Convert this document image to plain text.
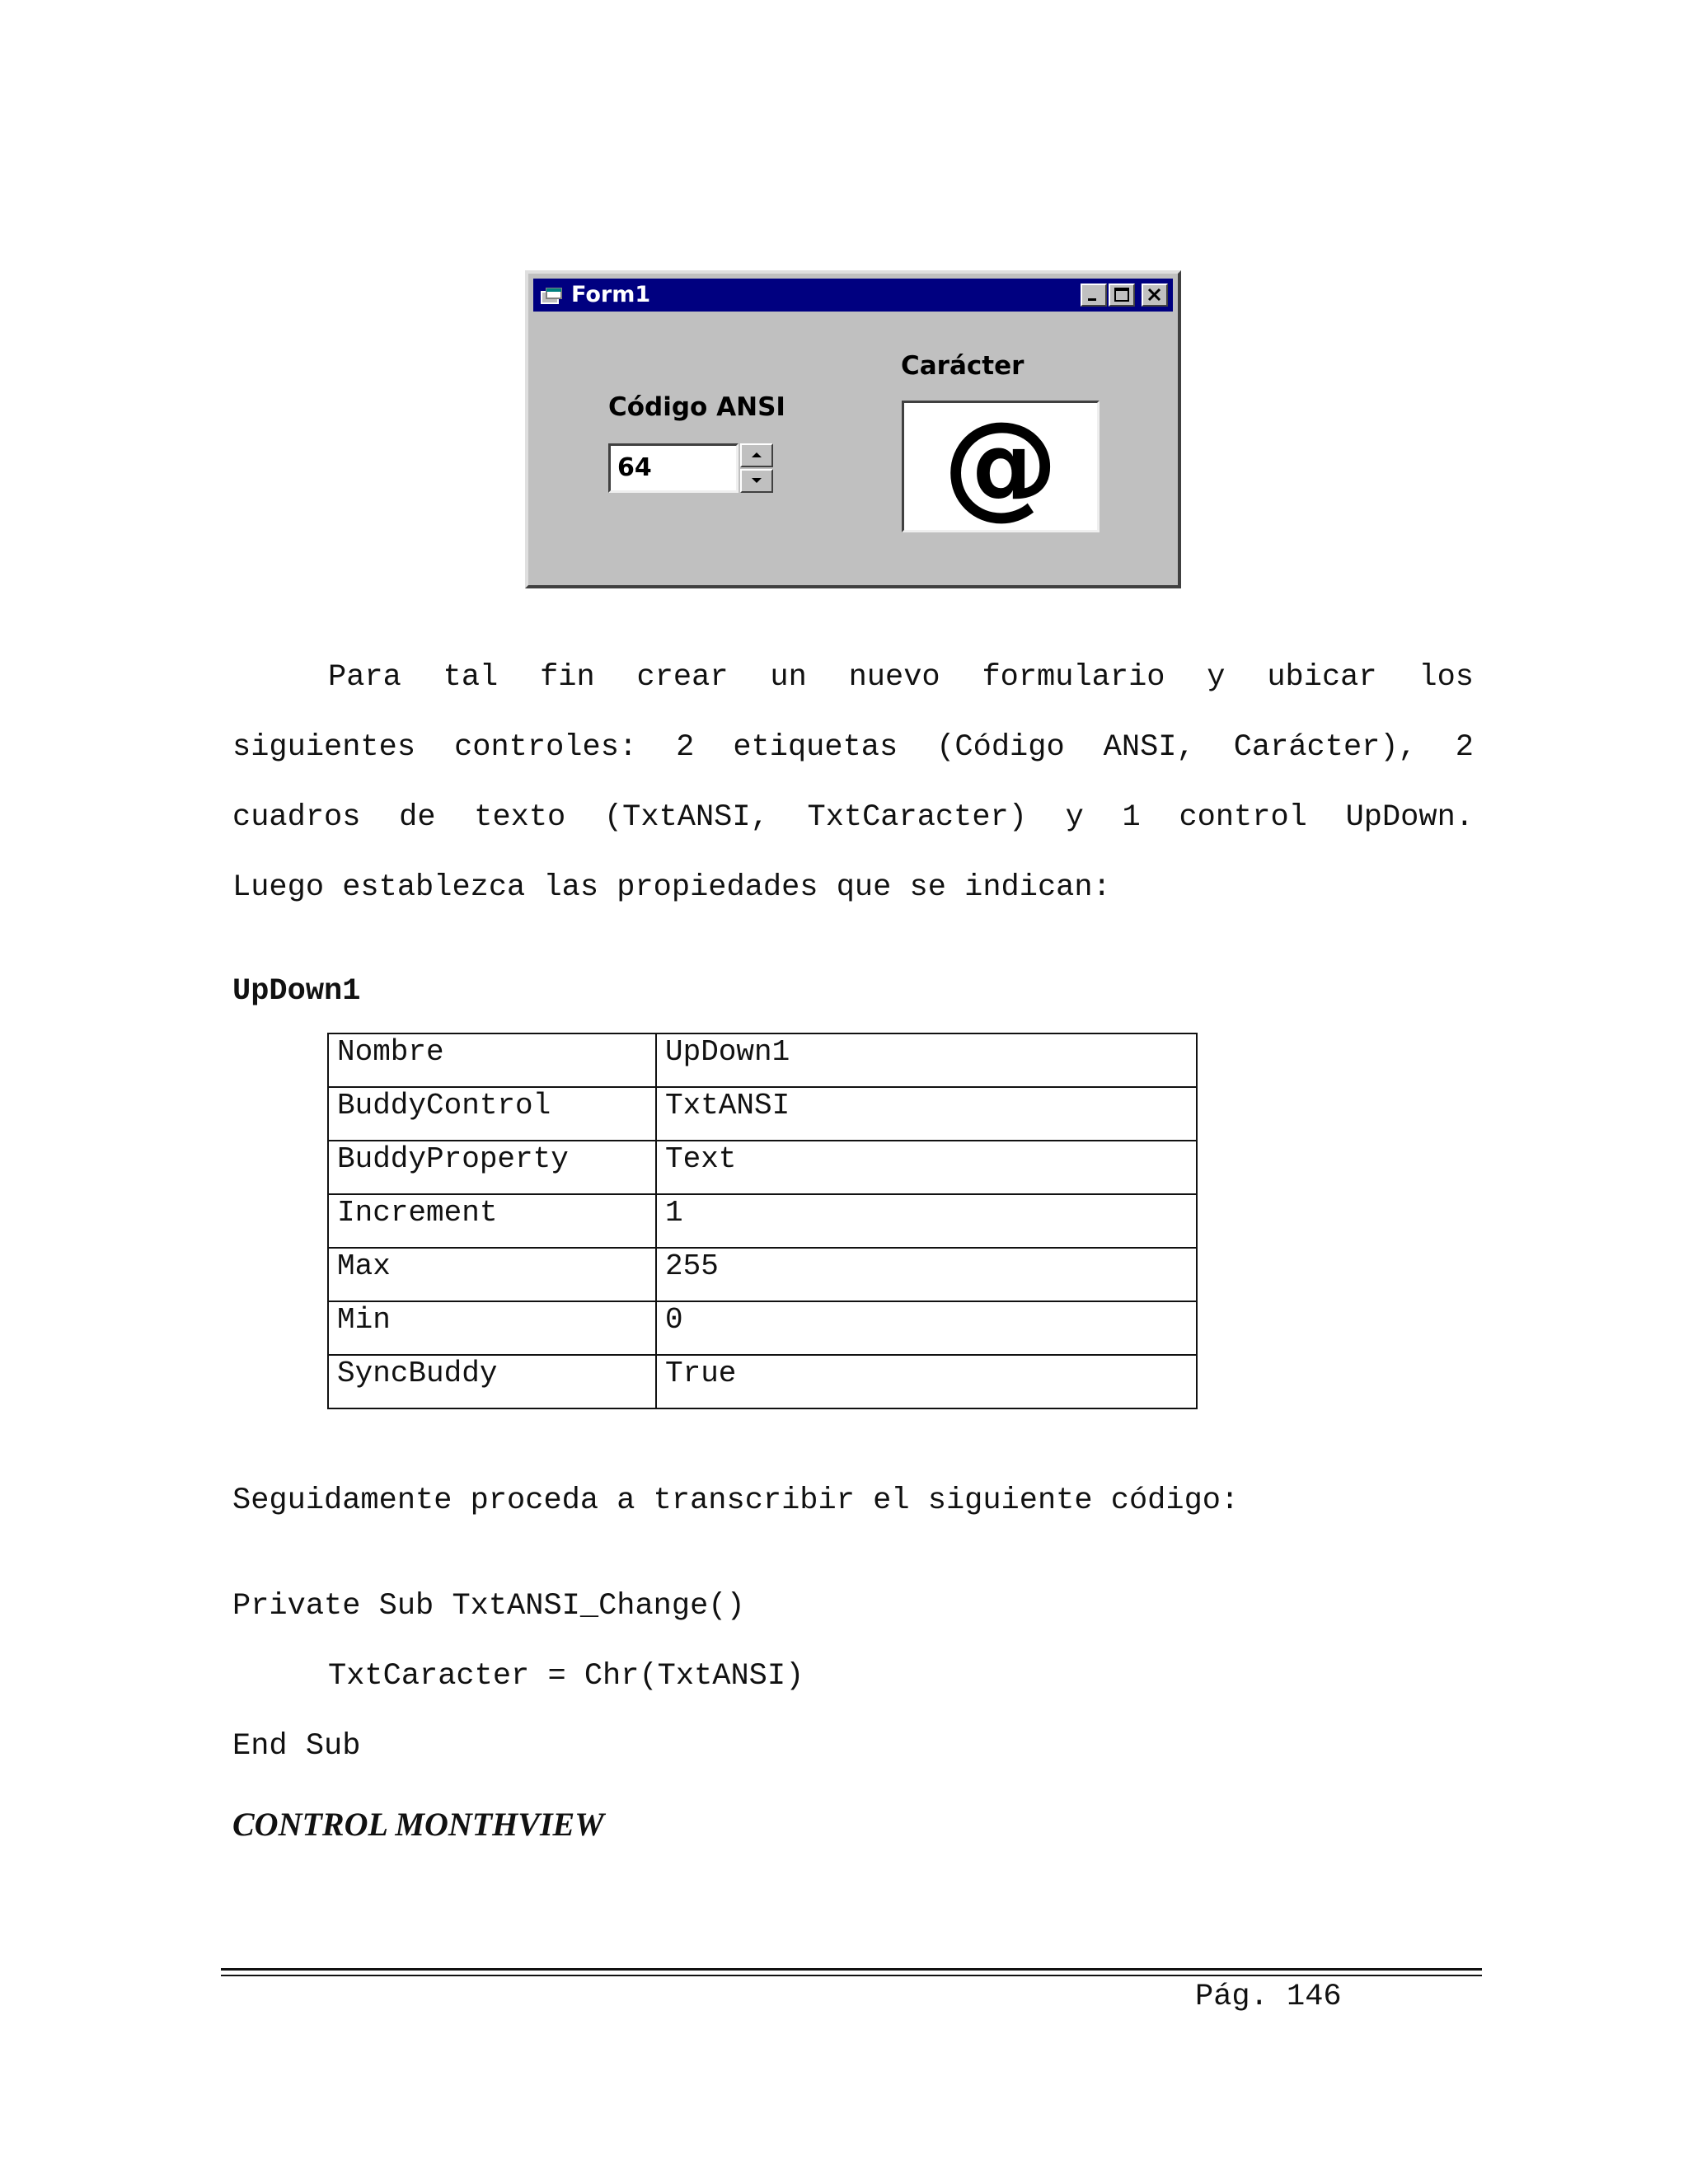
Form1
Carácter
Código ANSI
64	@
Para tal fin crear un nuevo formulario y ubicar los
siguientes controles: 2 etiquetas (Código ANSI, Carácter), 2
cuadros de texto (TxtANSI, TxtCaracter) y 1 control UpDown.
Luego establezca las propiedades que se indican:
UpDown1
Nombre	UpDown1
BuddyControl	TxtANSI
BuddyProperty	Text
Increment	1
Max	255
Min	0
SyncBuddy	True
Seguidamente proceda a transcribir el siguiente código:
Private Sub TxtANSI_Change()
TxtCaracter = Chr(TxtANSI)
End Sub
CONTROL MONTHVIEW
Pág. 146
